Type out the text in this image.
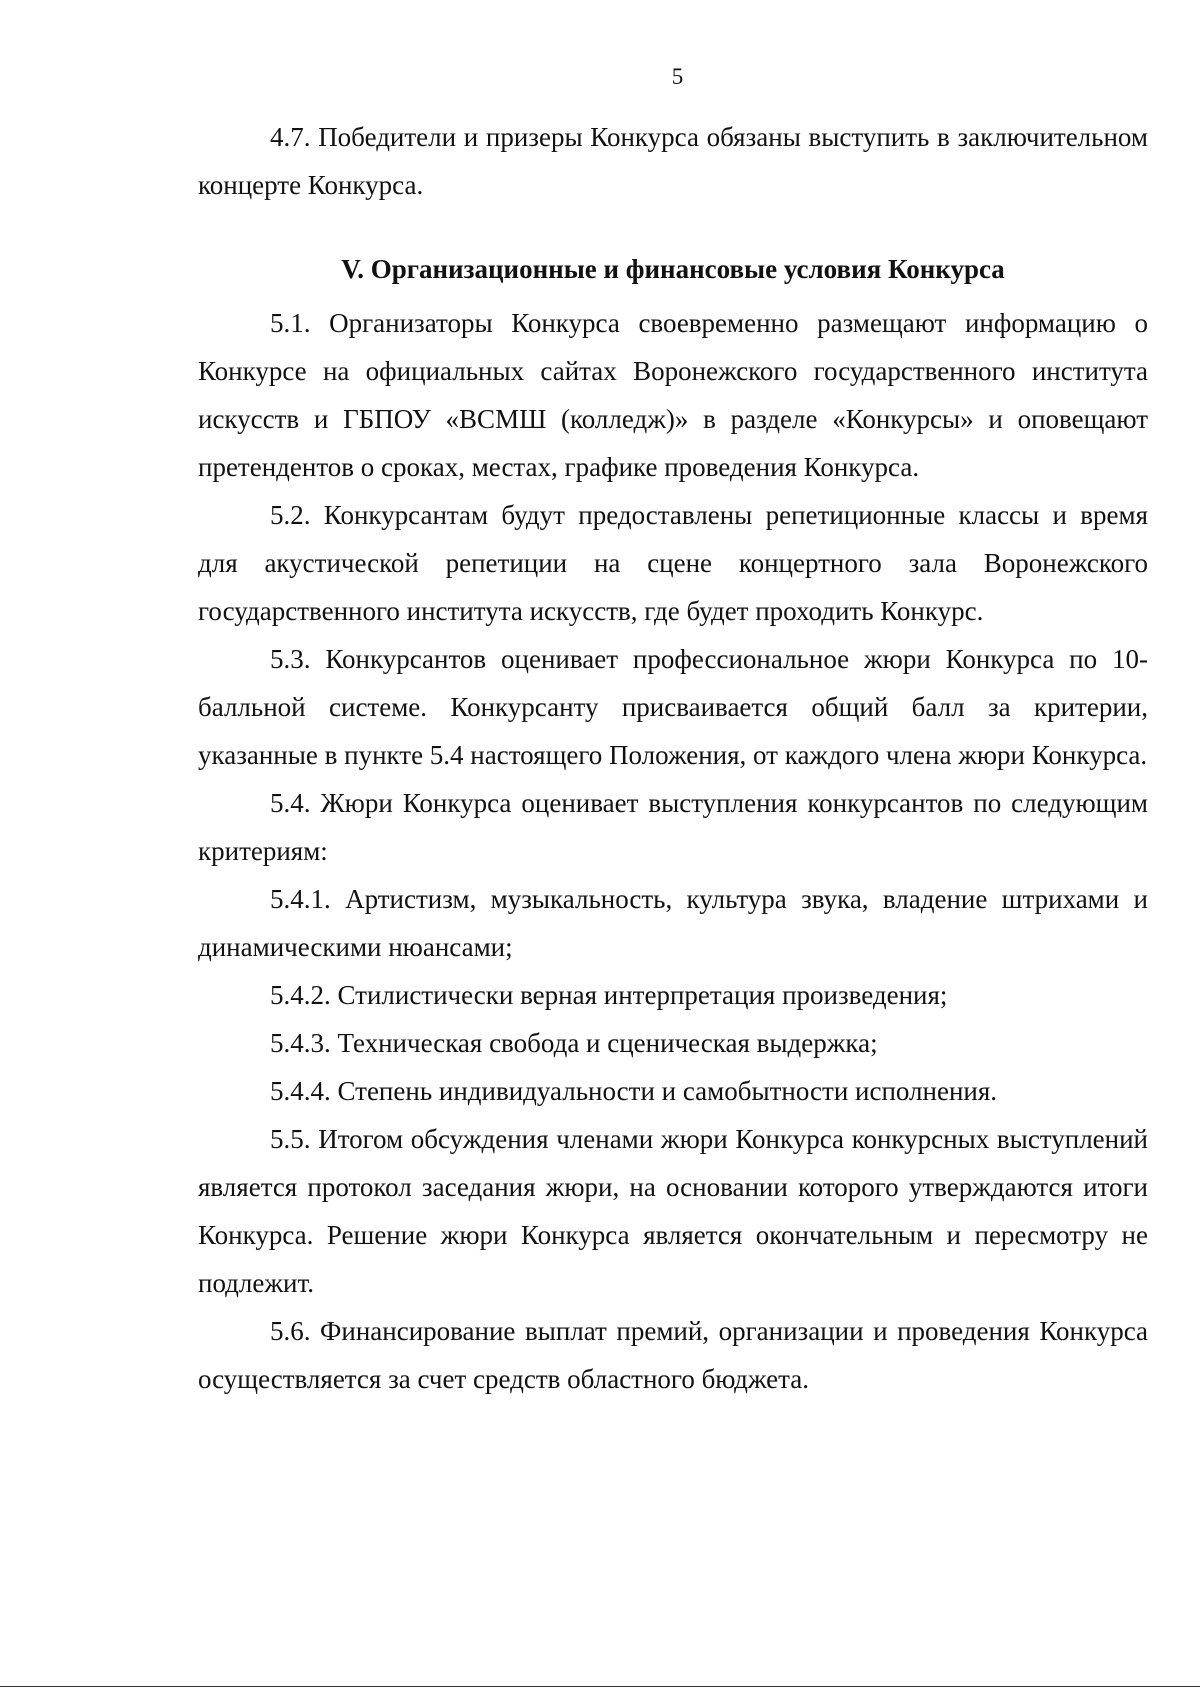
5

4.7. Победители и призеры Конкурса обязаны выступить в заключительном концерте Конкурса.

V. Организационные и финансовые условия Конкурса

5.1. Организаторы Конкурса своевременно размещают информацию о Конкурсе на официальных сайтах Воронежского государственного института искусств и ГБПОУ «ВСМШ (колледж)» в разделе «Конкурсы» и оповещают претендентов о сроках, местах, графике проведения Конкурса.

5.2. Конкурсантам будут предоставлены репетиционные классы и время для акустической репетиции на сцене концертного зала Воронежского государственного института искусств, где будет проходить Конкурс.

5.3. Конкурсантов оценивает профессиональное жюри Конкурса по 10-балльной системе. Конкурсанту присваивается общий балл за критерии, указанные в пункте 5.4 настоящего Положения, от каждого члена жюри Конкурса.

5.4. Жюри Конкурса оценивает выступления конкурсантов по следующим критериям:

5.4.1. Артистизм, музыкальность, культура звука, владение штрихами и динамическими нюансами;

5.4.2. Стилистически верная интерпретация произведения;

5.4.3. Техническая свобода и сценическая выдержка;

5.4.4. Степень индивидуальности и самобытности исполнения.

5.5. Итогом обсуждения членами жюри Конкурса конкурсных выступлений является протокол заседания жюри, на основании которого утверждаются итоги Конкурса. Решение жюри Конкурса является окончательным и пересмотру не подлежит.

5.6. Финансирование выплат премий, организации и проведения Конкурса осуществляется за счет средств областного бюджета.
